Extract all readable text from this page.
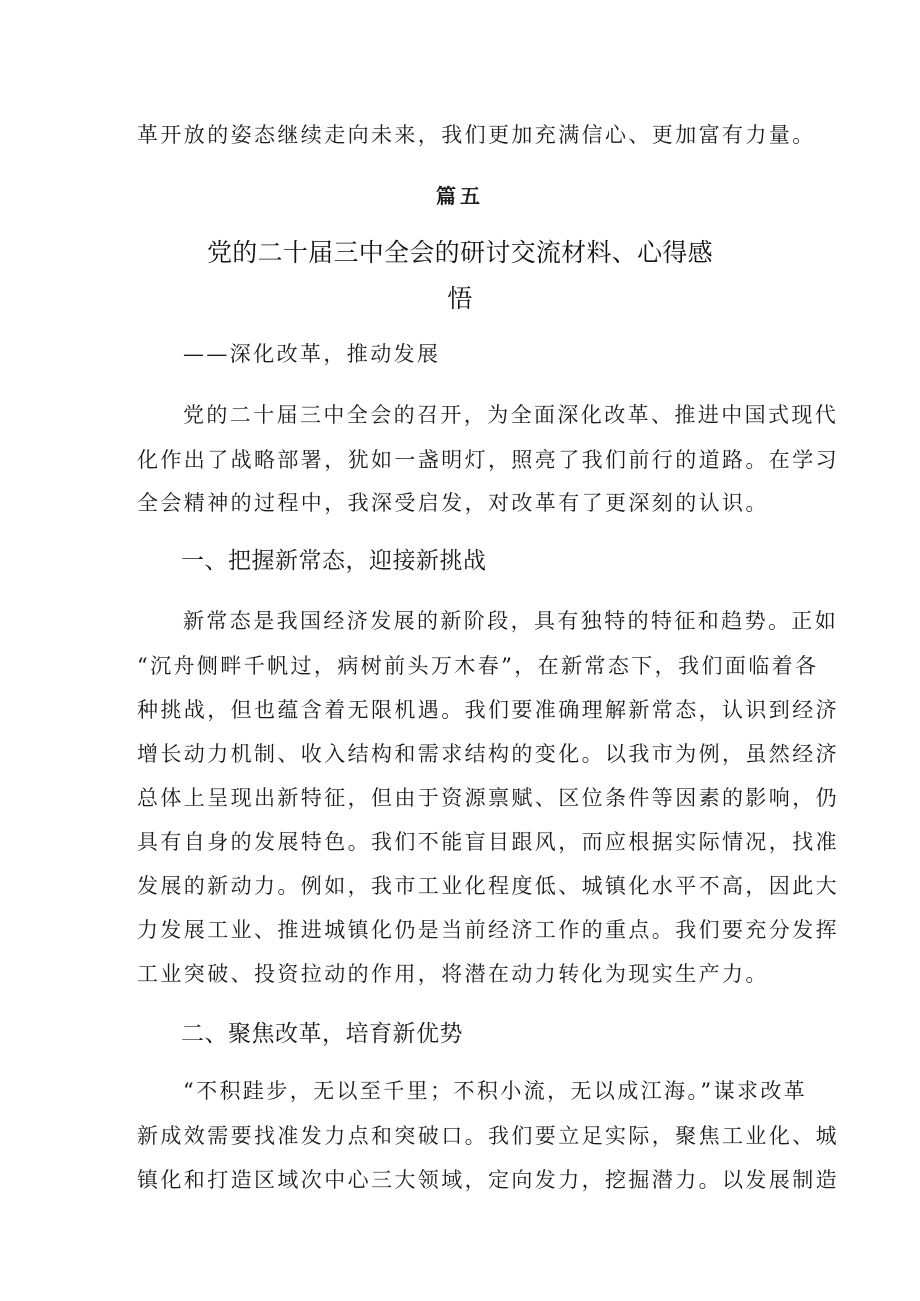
革开放的姿态继续走向未来，我们更加充满信心、更加富有力量。
篇五
党的二十届三中全会的研讨交流材料、心得感
悟
——深化改革，推动发展
党的二十届三中全会的召开，为全面深化改革、推进中国式现代
化作出了战略部署，犹如一盏明灯，照亮了我们前行的道路。在学习
全会精神的过程中，我深受启发，对改革有了更深刻的认识。
一、把握新常态，迎接新挑战
新常态是我国经济发展的新阶段，具有独特的特征和趋势。正如
“沉舟侧畔千帆过，病树前头万木春”，在新常态下，我们面临着各
种挑战，但也蕴含着无限机遇。我们要准确理解新常态，认识到经济
增长动力机制、收入结构和需求结构的变化。以我市为例，虽然经济
总体上呈现出新特征，但由于资源禀赋、区位条件等因素的影响，仍
具有自身的发展特色。我们不能盲目跟风，而应根据实际情况，找准
发展的新动力。例如，我市工业化程度低、城镇化水平不高，因此大
力发展工业、推进城镇化仍是当前经济工作的重点。我们要充分发挥
工业突破、投资拉动的作用，将潜在动力转化为现实生产力。
二、聚焦改革，培育新优势
“不积跬步，无以至千里；不积小流，无以成江海。”谋求改革
新成效需要找准发力点和突破口。我们要立足实际，聚焦工业化、城
镇化和打造区域次中心三大领域，定向发力，挖掘潜力。以发展制造
